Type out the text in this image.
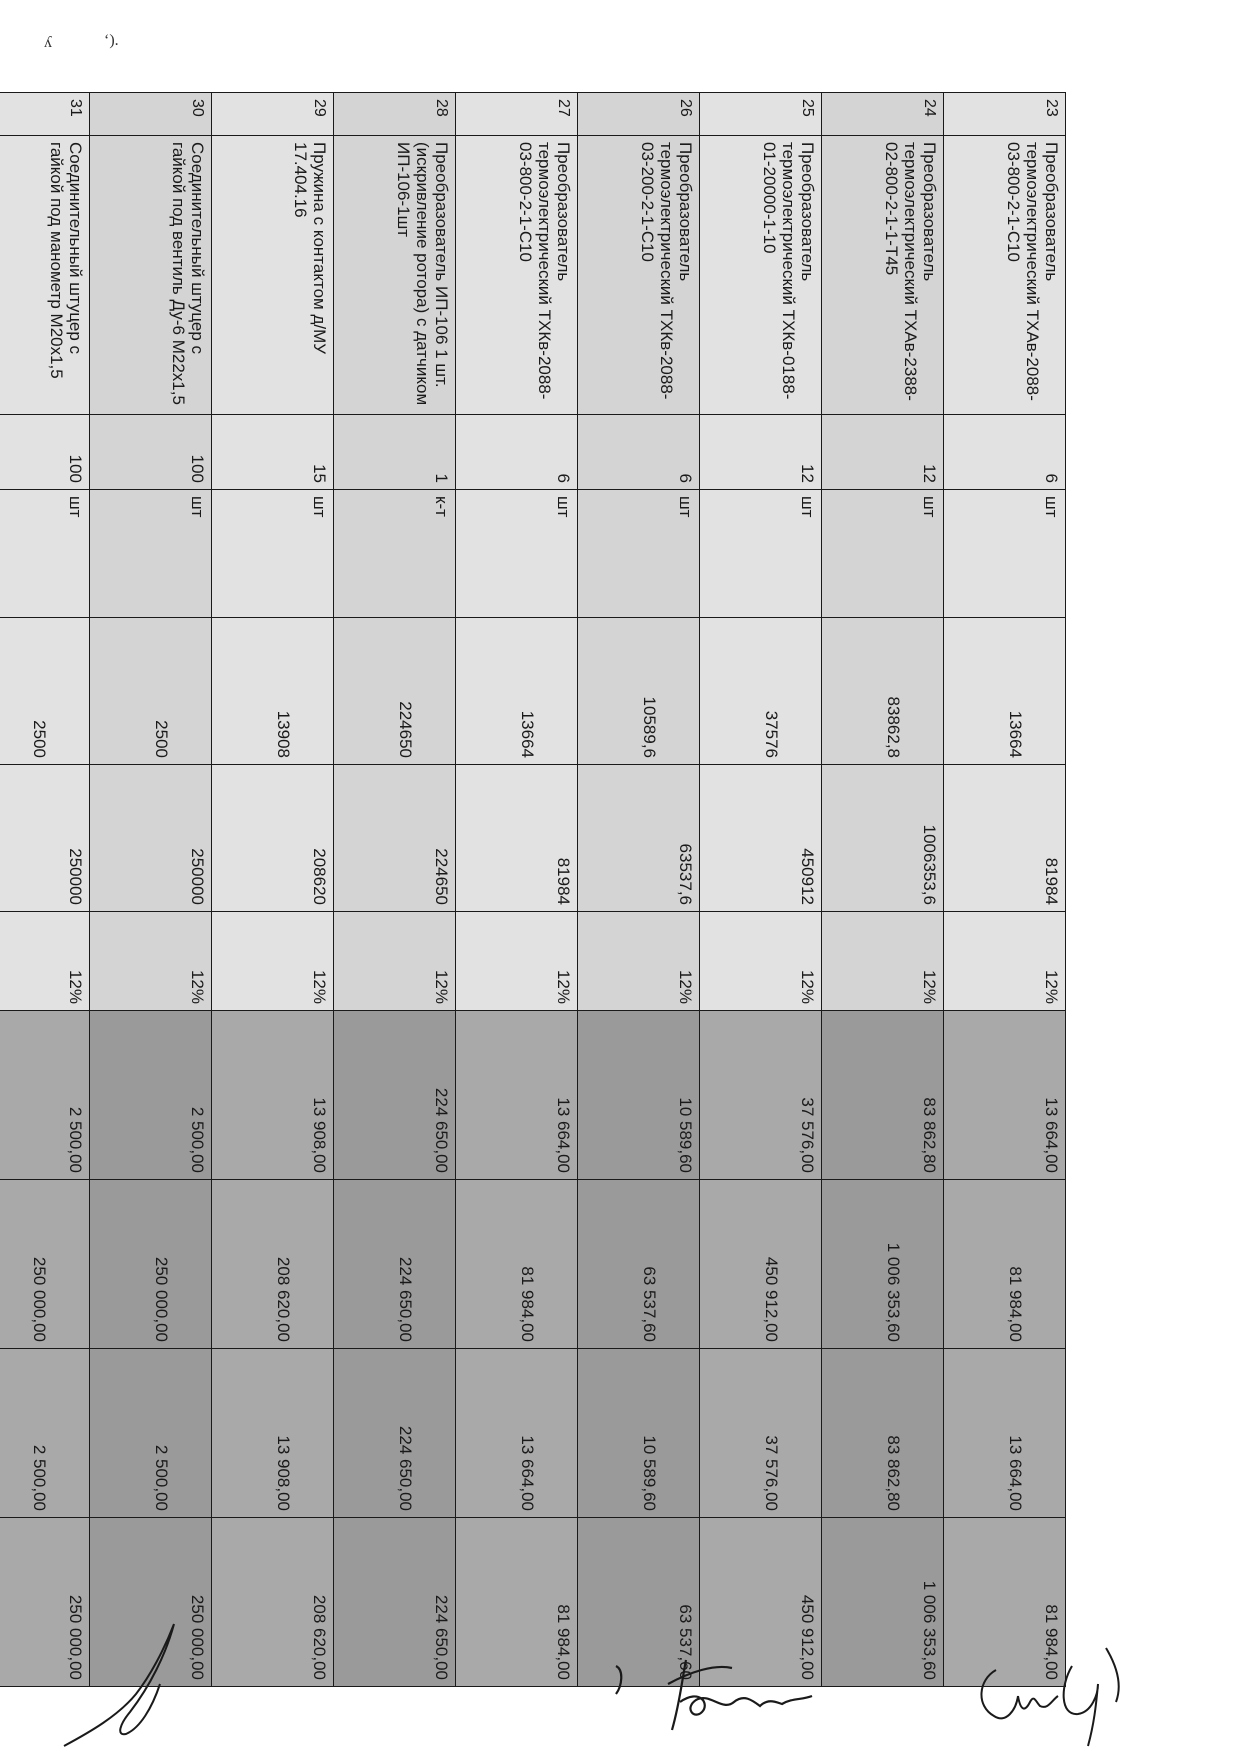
ʎ	ʻ).
23	Преобразователь термоэлектрический ТХАв-2088-03-800-2-1-С10	6	шт	13664	81984	12%	13 664,00	81 984,00	13 664,00	81 984,00
24	Преобразователь термоэлектрический ТХАв-2388-02-800-2-1-1-Т45	12	шт	83862,8	1006353,6	12%	83 862,80	1 006 353,60	83 862,80	1 006 353,60
25	Преобразователь термоэлектрический ТХКв-0188-01-20000-1-10	12	шт	37576	450912	12%	37 576,00	450 912,00	37 576,00	450 912,00
26	Преобразователь термоэлектрический ТХКв-2088-03-200-2-1-С10	6	шт	10589,6	63537,6	12%	10 589,60	63 537,60	10 589,60	63 537,60
27	Преобразователь термоэлектрический ТХКв-2088-03-800-2-1-С10	6	шт	13664	81984	12%	13 664,00	81 984,00	13 664,00	81 984,00
28	Преобразователь ИП-106 1 шт. (искривление ротора) с датчиком ИП-106-1шт	1	к-т	224650	224650	12%	224 650,00	224 650,00	224 650,00	224 650,00
29	Пружина с контактом д/МУ 17.404.16	15	шт	13908	208620	12%	13 908,00	208 620,00	13 908,00	208 620,00
30	Соединительный штуцер с гайкой под вентиль Ду-6 М22х1,5	100	шт	2500	250000	12%	2 500,00	250 000,00	2 500,00	250 000,00
31	Соединительный штуцер с гайкой под манометр М20х1,5	100	шт	2500	250000	12%	2 500,00	250 000,00	2 500,00	250 000,00
